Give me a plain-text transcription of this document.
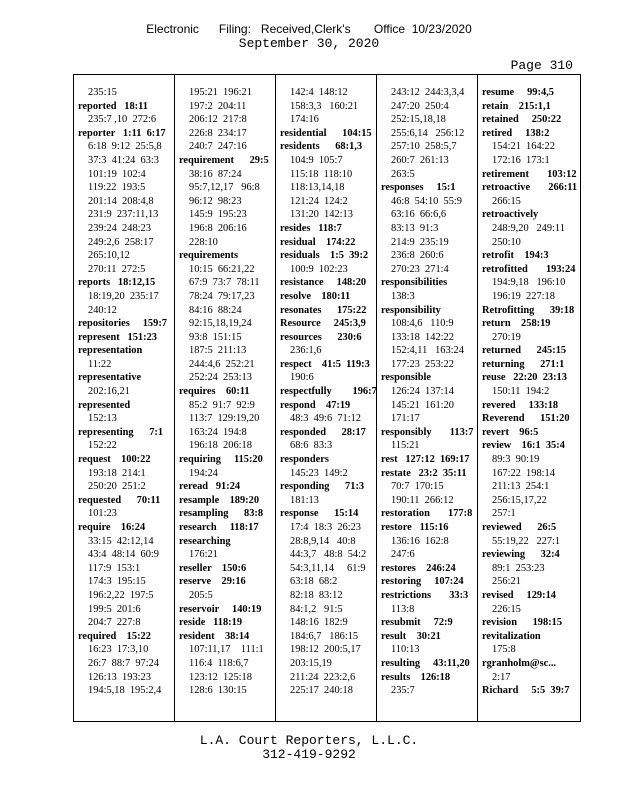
Electronic      Filing:   Received,Clerk's       Office  10/23/2020
September 30, 2020
Page 310
235:15
reported   18:11
235:7 ,10  272:6
reporter   1:11  6:17
6:18  9:12  25:5,8
37:3  41:24  63:3
101:19  102:4
119:22  193:5
201:14  208:4,8
231:9  237:11,13
239:24  248:23
249:2,6  258:17
265:10,12
270:11  272:5
reports   18:12,15
18:19,20  235:17
240:12
repositories     159:7
represent   151:23
representation
11:22
representative
202:16,21
represented
152:13
representing      7:1
152:22
request    100:22
193:18  214:1
250:20  251:2
requested      70:11
101:23
require    16:24
33:15  42:12,14
43:4  48:14  60:9
117:9  153:1
174:3  195:15
196:2,22  197:5
199:5  201:6
204:7  227:8
required    15:22
16:23  17:3,10
26:7  88:7  97:24
126:13  193:23
194:5,18  195:2,4
195:21  196:21
197:2  204:11
206:12  217:8
226:8  234:17
240:7  247:16
requirement      29:5
38:16  87:24
95:7,12,17   96:8
96:12  98:23
145:9  195:23
196:8  206:16
228:10
requirements
10:15  66:21,22
67:9  73:7  78:11
78:24  79:17,23
84:16  88:24
92:15,18,19,24
93:8  151:15
187:5  211:13
244:4,6  252:21
252:24  253:13
requires    60:11
85:2  91:7  92:9
113:7  129:19,20
163:24  194:8
196:18  206:18
requiring     115:20
194:24
reread   91:24
resample    189:20
resampling      83:8
research     118:17
researching
176:21
reseller    150:6
reserve    29:16
205:5
reservoir     140:19
reside   118:19
resident    38:14
107:11,17    111:1
116:4  118:6,7
123:12  125:18
128:6  130:15
142:4  148:12
158:3,3   160:21
174:16
residential      104:15
residents      68:1,3
104:9  105:7
115:18  118:10
118:13,14,18
121:24  124:2
131:20  142:13
resides   118:7
residual    174:22
residuals    1:5  39:2
100:9  102:23
resistance     148:20
resolve    180:11
resonates      175:22
Resource     245:3,9
resources      230:6
236:1,6
respect    41:5  119:3
190:6
respectfully        196:7
respond    47:19
48:3  49:6  71:12
responded      28:17
68:6  83:3
responders
145:23  149:2
responding      71:3
181:13
response      15:14
17:4  18:3  26:23
28:8,9,14   40:8
44:3,7   48:8  54:2
54:3,11,14     61:9
63:18  68:2
82:18  83:12
84:1,2   91:5
148:16  182:9
184:6,7   186:15
198:12  200:5,17
203:15,19
211:24  223:2,6
225:17  240:18
243:12  244:3,3,4
247:20  250:4
252:15,18,18
255:6,14   256:12
257:10  258:5,7
260:7  261:13
263:5
responses     15:1
46:8  54:10  55:9
63:16  66:6,6
83:13  91:3
214:9  235:19
236:8  260:6
270:23  271:4
responsibilities
138:3
responsibility
108:4,6   110:9
133:18  142:22
152:4,11   163:24
177:23  253:22
responsible
126:24  137:14
145:21  161:20
171:17
responsibly       113:7
115:21
rest   127:12  169:17
restate   23:2  35:11
70:7  170:15
190:11  266:12
restoration       177:8
restore   115:16
136:16  162:8
247:6
restores    246:24
restoring     107:24
restrictions       33:3
113:8
resubmit     72:9
result    30:21
110:13
resulting     43:11,20
results    126:18
235:7
resume     99:4,5
retain    215:1,1
retained     250:22
retired     138:2
154:21  164:22
172:16  173:1
retirement       103:12
retroactive       266:11
266:15
retroactively
248:9,20   249:11
250:10
retrofit    194:3
retrofitted       193:24
194:9,18   196:10
196:19  227:18
Retrofitting      39:18
return    258:19
270:19
returned      245:15
returning      271:1
reuse   22:20  23:13
150:11  194:2
revered     133:18
Reverend      151:20
revert    96:5
review    16:1  35:4
89:3  90:19
167:22  198:14
211:13  254:1
256:15,17,22
257:1
reviewed      26:5
55:19,22   227:1
reviewing      32:4
89:1  253:23
256:21
revised     129:14
226:15
revision      198:15
revitalization
175:8
rgranholm@sc...
2:17
Richard     5:5  39:7
L.A. Court Reporters, L.L.C.
312-419-9292
